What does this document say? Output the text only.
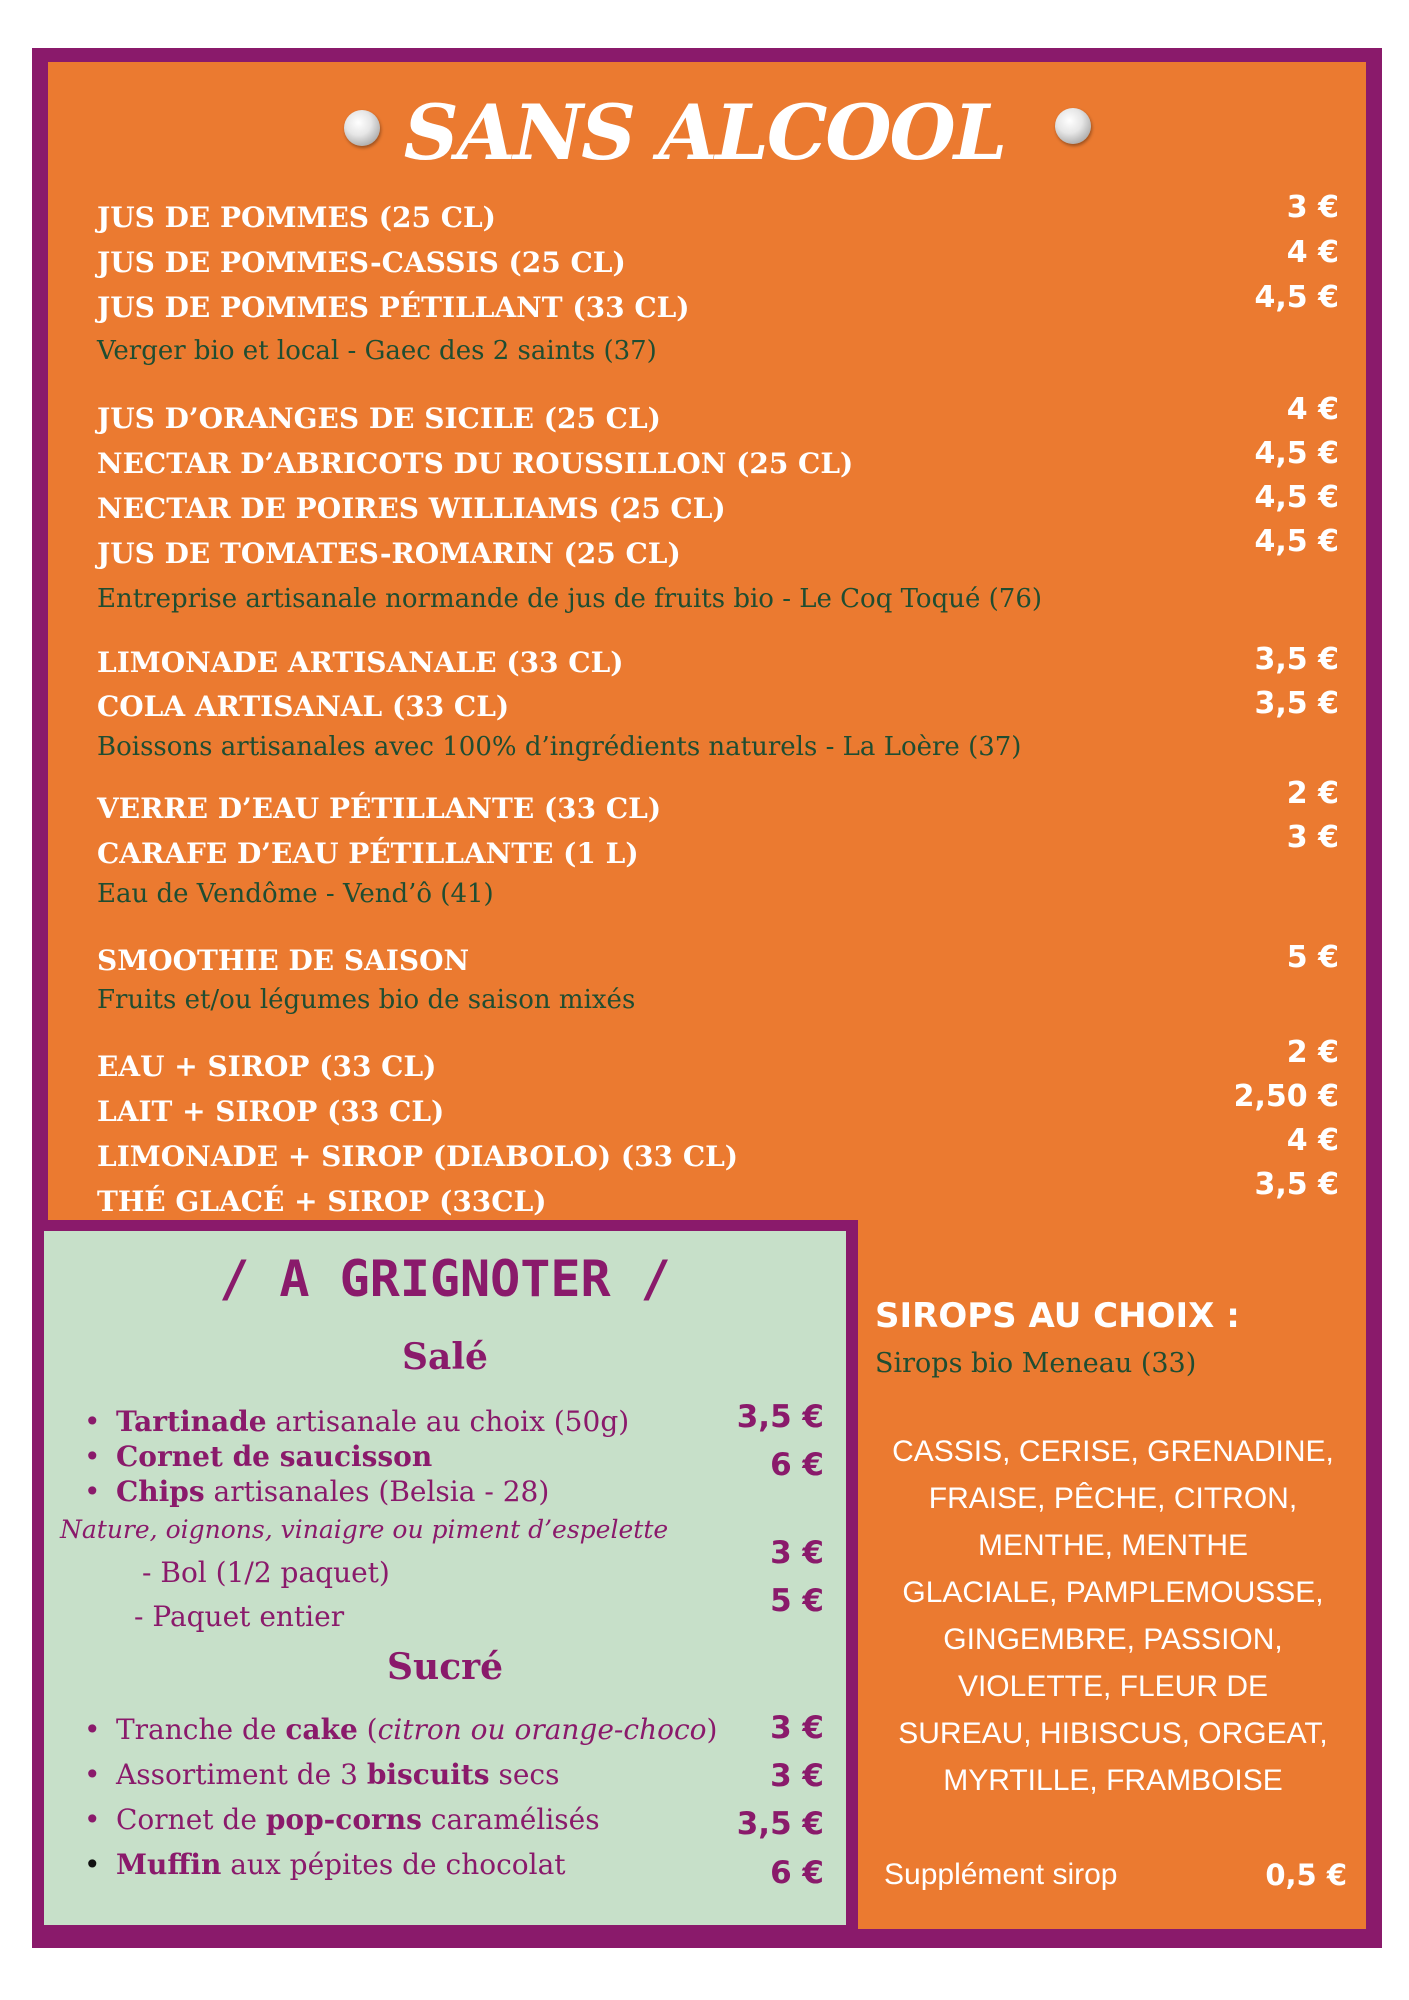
SANS ALCOOL

JUS DE POMMES (25 CL)

JUS DE POMMES-CASSIS (25 CL)

JUS DE POMMES PÉTILLANT (33 CL)

Verger bio et local - Gaec des 2 saints (37)

3 €

4 €

4,5 €

JUS D’ORANGES DE SICILE (25 CL)

NECTAR D’ABRICOTS DU ROUSSILLON (25 CL)

NECTAR DE POIRES WILLIAMS (25 CL)

JUS DE TOMATES-ROMARIN (25 CL)

Entreprise artisanale normande de jus de fruits bio - Le Coq Toqué (76)

4 €

4,5 €

4,5 €

4,5 €

LIMONADE ARTISANALE (33 CL)

COLA ARTISANAL (33 CL)

Boissons artisanales avec 100% d’ingrédients naturels - La Loère (37)

3,5 €

3,5 €

VERRE D’EAU PÉTILLANTE (33 CL)

CARAFE D’EAU PÉTILLANTE (1 L)

Eau de Vendôme - Vend’ô (41)

2 €

3 €

SMOOTHIE DE SAISON

Fruits et/ou légumes bio de saison mixés

5 €

EAU + SIROP (33 CL)

LAIT + SIROP (33 CL)

LIMONADE + SIROP (DIABOLO) (33 CL)

THÉ GLACÉ + SIROP (33CL)

2 €

2,50 €

4 €

3,5 €

/ A GRIGNOTER /
Salé

• Tartinade artisanale au choix (50g)

• Cornet de saucisson

• Chips artisanales (Belsia - 28)

Nature, oignons, vinaigre ou piment d’espelette

- Bol (1/2 paquet)

- Paquet entier

3,5 €

6 €

3 €

5 €

Sucré

• Tranche de cake (citron ou orange-choco)

• Assortiment de 3 biscuits secs

• Cornet de pop-corns caramélisés

• Muffin aux pépites de chocolat

3 €

3 €

3,5 €

6 €

SIROPS AU CHOIX :

Sirops bio Meneau (33)

CASSIS, CERISE, GRENADINE,
FRAISE, PÊCHE, CITRON,
MENTHE, MENTHE
GLACIALE, PAMPLEMOUSSE,
GINGEMBRE, PASSION,
VIOLETTE, FLEUR DE
SUREAU, HIBISCUS, ORGEAT,
MYRTILLE, FRAMBOISE

Supplément sirop	0,5 €
